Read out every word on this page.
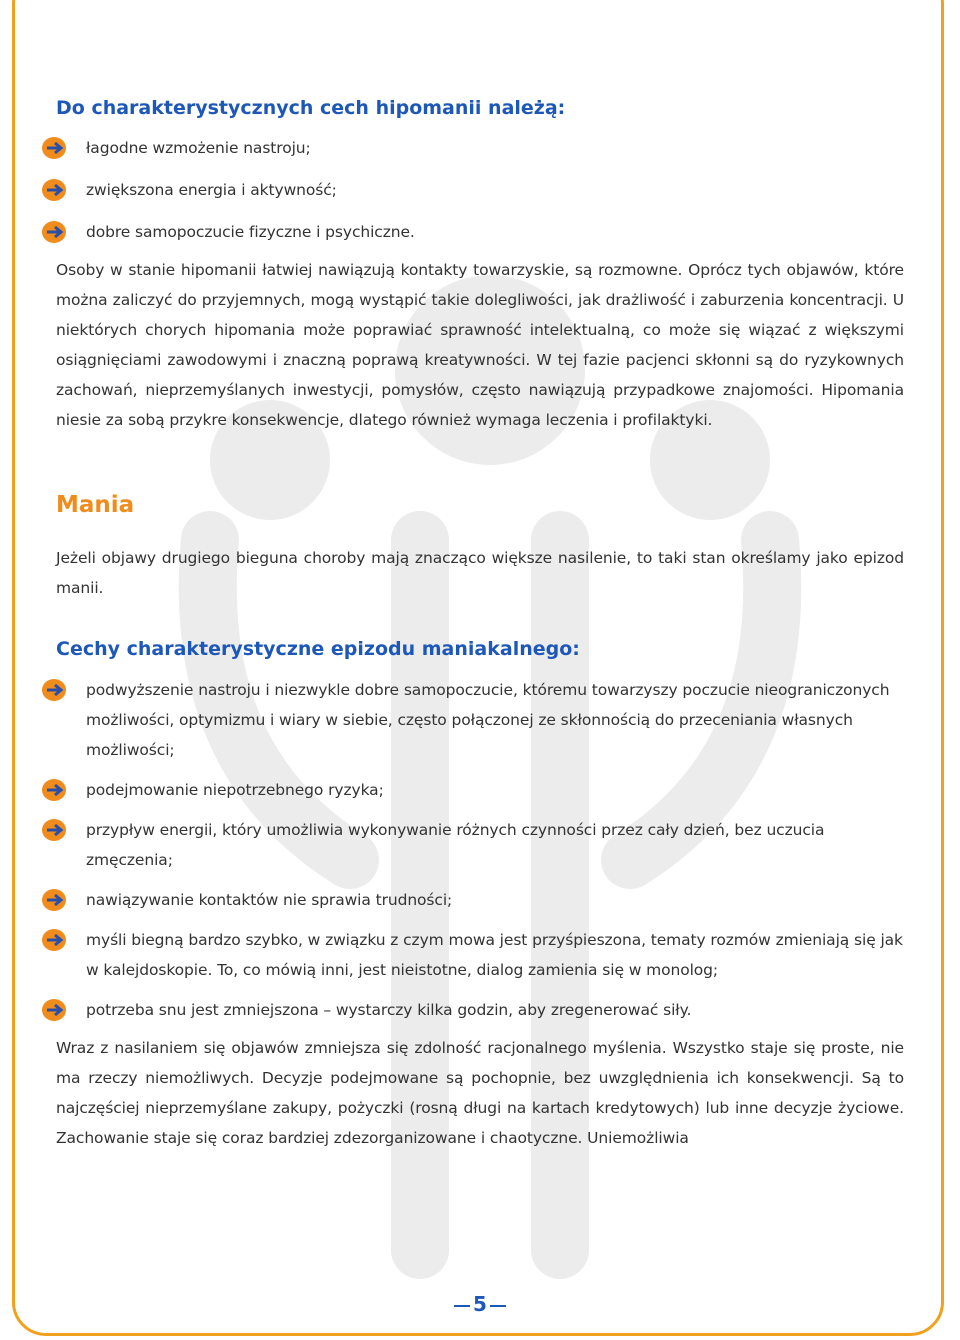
Do charakterystycznych cech hipomanii należą:
łagodne wzmożenie nastroju;
zwiększona energia i aktywność;
dobre samopoczucie fizyczne i psychiczne.

Osoby w stanie hipomanii łatwiej nawiązują kontakty towarzyskie, są rozmowne. Oprócz tych objawów, które można zaliczyć do przyjemnych, mogą wystąpić takie dolegliwości, jak drażliwość i zaburzenia koncentracji. U niektórych chorych hipomania może poprawiać sprawność intelektualną, co może się wiązać z większymi osiągnięciami zawodowymi i znaczną poprawą kreatywności. W tej fazie pacjenci skłonni są do ryzykownych zachowań, nieprzemyślanych inwestycji, pomysłów, często nawiązują przypadkowe znajomości. Hipomania niesie za sobą przykre konsekwencje, dlatego również wymaga leczenia i profilaktyki.

Mania

Jeżeli objawy drugiego bieguna choroby mają znacząco większe nasilenie, to taki stan określamy jako epizod manii.

Cechy charakterystyczne epizodu maniakalnego:
podwyższenie nastroju i niezwykle dobre samopoczucie, któremu towarzyszy poczucie nieograniczonych możliwości, optymizmu i wiary w siebie, często połączonej ze skłonnością do przeceniania własnych możliwości;
podejmowanie niepotrzebnego ryzyka;
przypływ energii, który umożliwia wykonywanie różnych czynności przez cały dzień, bez uczucia zmęczenia;
nawiązywanie kontaktów nie sprawia trudności;
myśli biegną bardzo szybko, w związku z czym mowa jest przyśpieszona, tematy rozmów zmieniają się jak w kalejdoskopie. To, co mówią inni, jest nieistotne, dialog zamienia się w monolog;
potrzeba snu jest zmniejszona – wystarczy kilka godzin, aby zregenerować siły.

Wraz z nasilaniem się objawów zmniejsza się zdolność racjonalnego myślenia. Wszystko staje się proste, nie ma rzeczy niemożliwych. Decyzje podejmowane są pochopnie, bez uwzględnienia ich konsekwencji. Są to najczęściej nieprzemyślane zakupy, pożyczki (rosną długi na kartach kredytowych) lub inne decyzje życiowe. Zachowanie staje się coraz bardziej zdezorganizowane i chaotyczne. Uniemożliwia

5
